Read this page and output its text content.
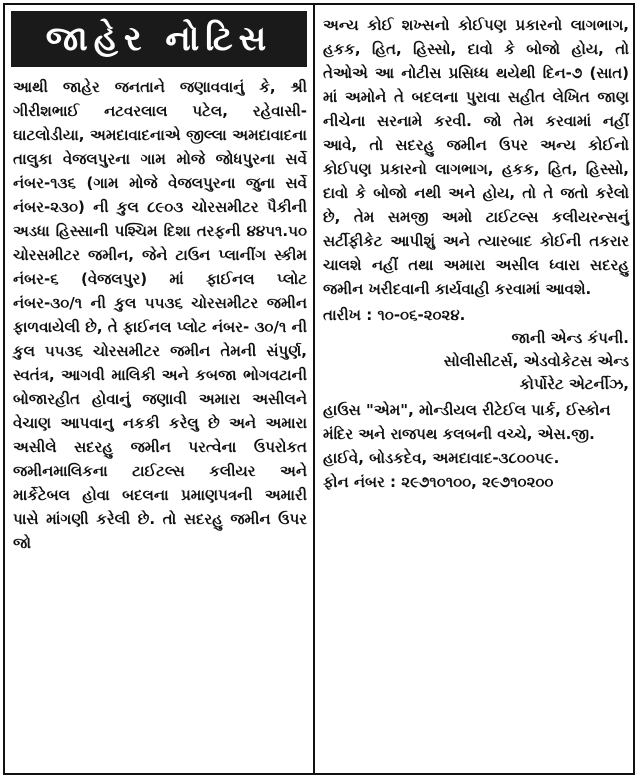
જાહેર નોટિસ

આથી જાહેર જનતાને જણાવવાનું કે, શ્રી ગીરીશભાઈ નટવરલાલ પટેલ, રહેવાસી-ઘાટલોડીયા, અમદાવાદનાએ જીલ્લા અમદાવાદના તાલુકા વેજલપુરના ગામ મોજે જોધપુરના સર્વે નંબર-૧૩૬ (ગામ મોજે વેજલપુરના જુના સર્વે નંબર-૨૩૦) ની કુલ ૮૯૦૩ ચોરસમીટર પૈકીની અડધા હિસ્સાની પશ્ચિમ દિશા તરફની ૪૪૫૧.૫૦ ચોરસમીટર જમીન, જેને ટાઉન પ્લાનીંગ સ્કીમ નંબર-૬ (વેજલપુર) માં ફાઈનલ પ્લોટ નંબર-૩૦/૧ ની કુલ ૫૫૩૬ ચોરસમીટર જમીન ફાળવાયેલી છે, તે ફાઈનલ પ્લોટ નંબર- ૩૦/૧ ની કુલ ૫૫૩૬ ચોરસમીટર જમીન તેમની સંપુર્ણ, સ્વતંત્ર, આગવી માલિકી અને કબજા ભોગવટાની બોજારહીત હોવાનું જણાવી અમારા અસીલને વેચાણ આપવાનુ નકકી કરેલુ છે અને અમારા અસીલે સદરહુ જમીન પરત્વેના ઉપરોકત જમીનમાલિકના ટાઈટલ્સ કલીયર અને માર્કેટેબલ હોવા બદલના પ્રમાણપત્રની અમારી પાસે માંગણી કરેલી છે. તો સદરહુ જમીન ઉપર જો

અન્ય કોઈ શખ્સનો કોઈપણ પ્રકારનો લાગભાગ, હકક, હિત, હિસ્સો, દાવો કે બોજો હોય, તો તેઓએ આ નોટીસ પ્રસિધ્ધ થયેથી દિન-૭ (સાત) માં અમોને તે બદલના પુરાવા સહીત લેખિત જાણ નીચેના સરનામે કરવી. જો તેમ કરવામાં નહીં આવે, તો સદરહુ જમીન ઉપર અન્ય કોઈનો કોઈપણ પ્રકારનો લાગભાગ, હકક, હિત, હિસ્સો, દાવો કે બોજો નથી અને હોય, તો તે જતો કરેલો છે, તેમ સમજી અમો ટાઈટલ્સ કલીયરન્સનું સર્ટીફીકેટ આપીશું અને ત્યારબાદ કોઈની તકરાર ચાલશે નહીં તથા અમારા અસીલ ધ્વારા સદરહુ જમીન ખરીદવાની કાર્યવાહી કરવામાં આવશે.

તારીખ : ૧૦-૦૬-૨૦૨૪.
જાની એન્ડ કંપની.
સોલીસીટર્સ, એડવોકેટસ એન્ડ
કોર્પોરેટ એટર્નીઝ,
હાઉસ "એમ", મોન્ડીયલ રીટેઈલ પાર્ક, ઈસ્કોન મંદિર અને રાજપથ કલબની વચ્ચે, એસ.જી. હાઈવે, બોડકદેવ, અમદાવાદ-૩૮૦૦૫૯.
ફોન નંબર : ૨૯૭૧૦૧૦૦, ૨૯૭૧૦૨૦૦
